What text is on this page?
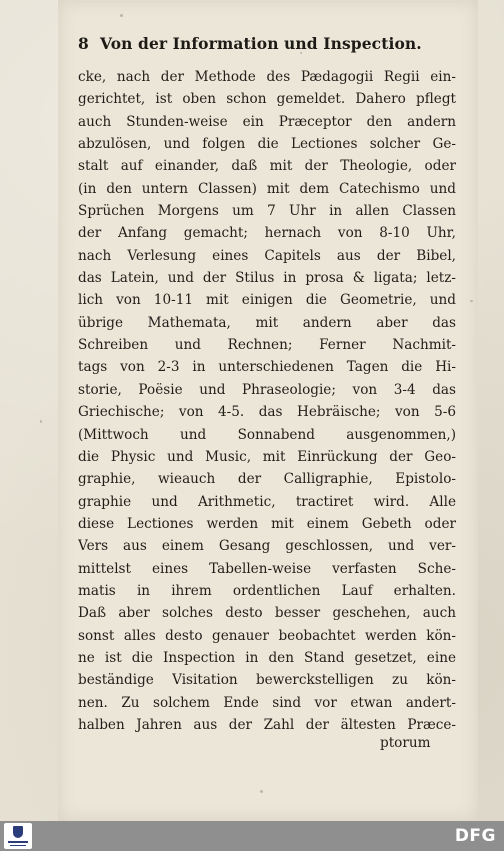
8 Von der Information und Inspection.
cke, nach der Methode des Pædagogii Regii ein-
gerichtet, ist oben schon gemeldet. Dahero pflegt
auch Stunden-weise ein Præceptor den andern
abzulösen, und folgen die Lectiones solcher Ge-
stalt auf einander, daß mit der Theologie, oder
(in den untern Classen) mit dem Catechismo und
Sprüchen Morgens um 7 Uhr in allen Classen
der Anfang gemacht; hernach von 8-10 Uhr,
nach Verlesung eines Capitels aus der Bibel,
das Latein, und der Stilus in prosa & ligata; letz-
lich von 10-11 mit einigen die Geometrie, und
übrige Mathemata, mit andern aber das
Schreiben und Rechnen; Ferner Nachmit-
tags von 2-3 in unterschiedenen Tagen die Hi-
storie, Poësie und Phraseologie; von 3-4 das
Griechische; von 4-5. das Hebräische; von 5-6
(Mittwoch und Sonnabend ausgenommen,)
die Physic und Music, mit Einrückung der Geo-
graphie, wieauch der Calligraphie, Epistolo-
graphie und Arithmetic, tractiret wird. Alle
diese Lectiones werden mit einem Gebeth oder
Vers aus einem Gesang geschlossen, und ver-
mittelst eines Tabellen-weise verfasten Sche-
matis in ihrem ordentlichen Lauf erhalten.
Daß aber solches desto besser geschehen, auch
sonst alles desto genauer beobachtet werden kön-
ne ist die Inspection in den Stand gesetzet, eine
beständige Visitation bewerckstelligen zu kön-
nen. Zu solchem Ende sind vor etwan andert-
halben Jahren aus der Zahl der ältesten Præce-
ptorum
DFG
